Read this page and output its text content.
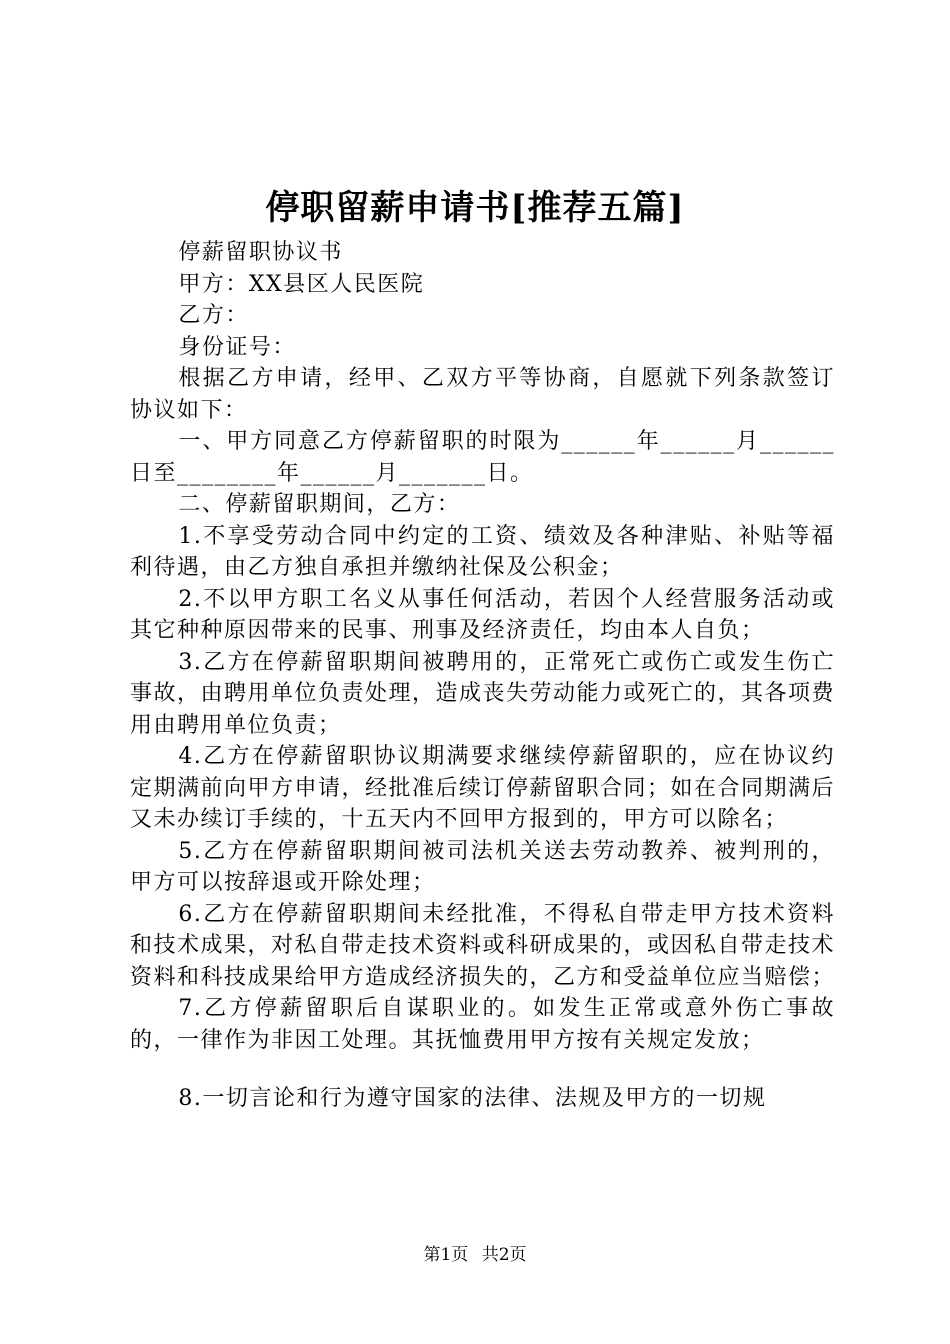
停职留薪申请书[推荐五篇]

停薪留职协议书

甲方：XX县区人民医院

乙方：

身份证号：

根据乙方申请，经甲、乙双方平等协商，自愿就下列条款签订协议如下：

一、甲方同意乙方停薪留职的时限为______年______月______日至________年______月_______日。

二、停薪留职期间，乙方：

1.不享受劳动合同中约定的工资、绩效及各种津贴、补贴等福利待遇，由乙方独自承担并缴纳社保及公积金；

2.不以甲方职工名义从事任何活动，若因个人经营服务活动或其它种种原因带来的民事、刑事及经济责任，均由本人自负；

3.乙方在停薪留职期间被聘用的，正常死亡或伤亡或发生伤亡事故，由聘用单位负责处理，造成丧失劳动能力或死亡的，其各项费用由聘用单位负责；

4.乙方在停薪留职协议期满要求继续停薪留职的，应在协议约定期满前向甲方申请，经批准后续订停薪留职合同；如在合同期满后又未办续订手续的，十五天内不回甲方报到的，甲方可以除名；

5.乙方在停薪留职期间被司法机关送去劳动教养、被判刑的，甲方可以按辞退或开除处理；

6.乙方在停薪留职期间未经批准，不得私自带走甲方技术资料和技术成果，对私自带走技术资料或科研成果的，或因私自带走技术资料和科技成果给甲方造成经济损失的，乙方和受益单位应当赔偿；

7.乙方停薪留职后自谋职业的。如发生正常或意外伤亡事故的，一律作为非因工处理。其抚恤费用甲方按有关规定发放；

8.一切言论和行为遵守国家的法律、法规及甲方的一切规

第1页 共2页
